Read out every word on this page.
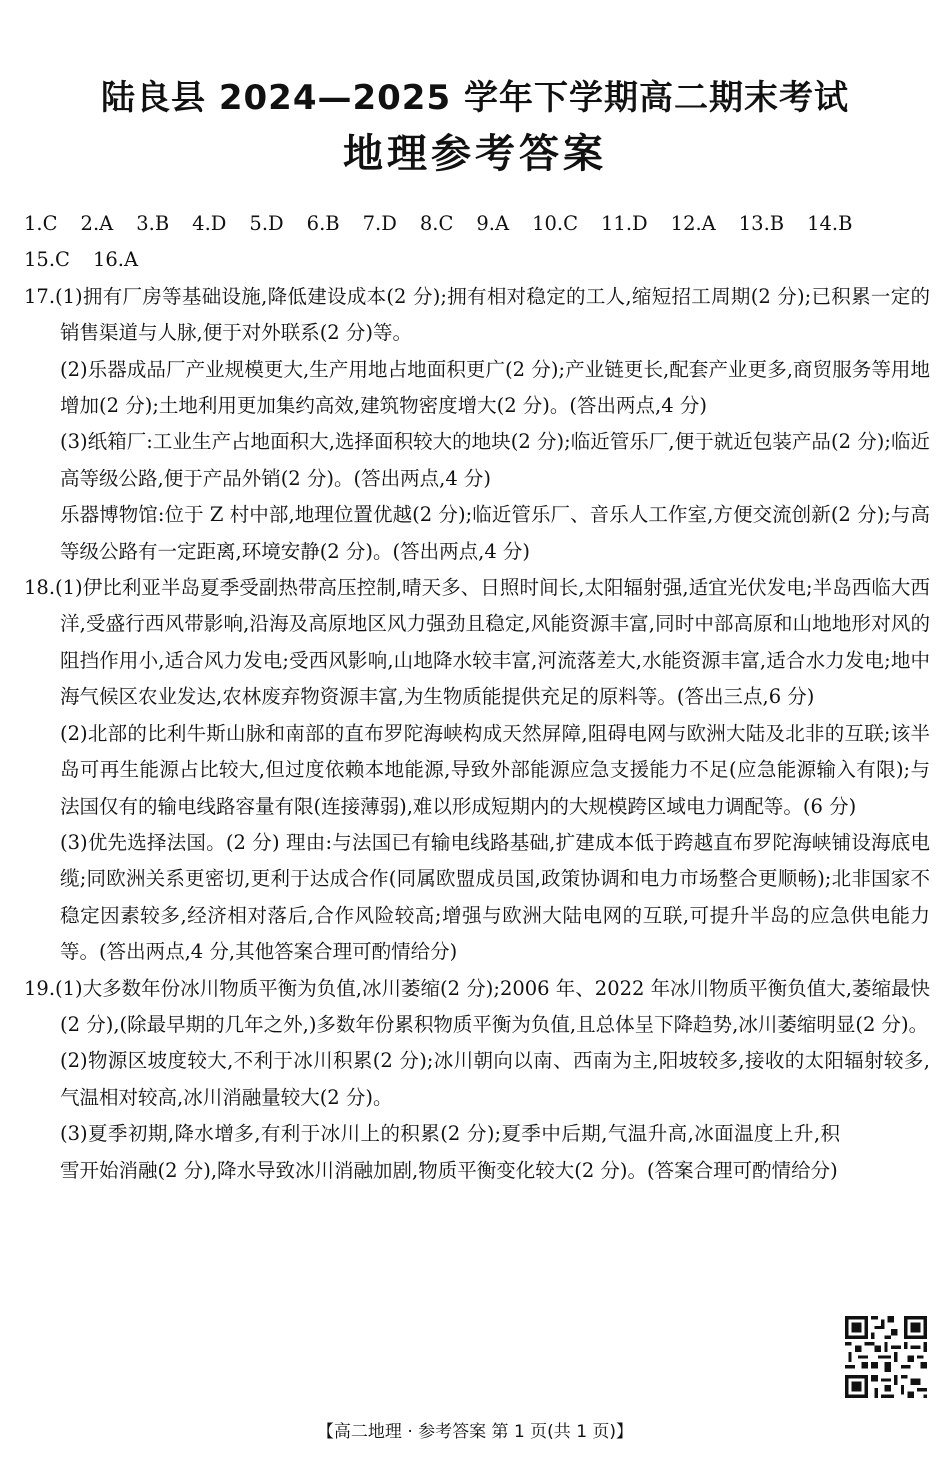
陆良县 2024—2025 学年下学期高二期末考试
地理参考答案
1.C 2.A 3.B 4.D 5.D 6.B 7.D 8.C 9.A 10.C 11.D 12.A 13.B 14.B
15.C 16.A

17.(1)拥有厂房等基础设施,降低建设成本(2 分);拥有相对稳定的工人,缩短招工周期(2 分);已积累一定的销售渠道与人脉,便于对外联系(2 分)等。

(2)乐器成品厂产业规模更大,生产用地占地面积更广(2 分);产业链更长,配套产业更多,商贸服务等用地增加(2 分);土地利用更加集约高效,建筑物密度增大(2 分)。(答出两点,4 分)

(3)纸箱厂:工业生产占地面积大,选择面积较大的地块(2 分);临近管乐厂,便于就近包装产品(2 分);临近高等级公路,便于产品外销(2 分)。(答出两点,4 分)

乐器博物馆:位于 Z 村中部,地理位置优越(2 分);临近管乐厂、音乐人工作室,方便交流创新(2 分);与高等级公路有一定距离,环境安静(2 分)。(答出两点,4 分)

18.(1)伊比利亚半岛夏季受副热带高压控制,晴天多、日照时间长,太阳辐射强,适宜光伏发电;半岛西临大西洋,受盛行西风带影响,沿海及高原地区风力强劲且稳定,风能资源丰富,同时中部高原和山地地形对风的阻挡作用小,适合风力发电;受西风影响,山地降水较丰富,河流落差大,水能资源丰富,适合水力发电;地中海气候区农业发达,农林废弃物资源丰富,为生物质能提供充足的原料等。(答出三点,6 分)

(2)北部的比利牛斯山脉和南部的直布罗陀海峡构成天然屏障,阻碍电网与欧洲大陆及北非的互联;该半岛可再生能源占比较大,但过度依赖本地能源,导致外部能源应急支援能力不足(应急能源输入有限);与法国仅有的输电线路容量有限(连接薄弱),难以形成短期内的大规模跨区域电力调配等。(6 分)

(3)优先选择法国。(2 分) 理由:与法国已有输电线路基础,扩建成本低于跨越直布罗陀海峡铺设海底电缆;同欧洲关系更密切,更利于达成合作(同属欧盟成员国,政策协调和电力市场整合更顺畅);北非国家不稳定因素较多,经济相对落后,合作风险较高;增强与欧洲大陆电网的互联,可提升半岛的应急供电能力等。(答出两点,4 分,其他答案合理可酌情给分)

19.(1)大多数年份冰川物质平衡为负值,冰川萎缩(2 分);2006 年、2022 年冰川物质平衡负值大,萎缩最快(2 分),(除最早期的几年之外,)多数年份累积物质平衡为负值,且总体呈下降趋势,冰川萎缩明显(2 分)。

(2)物源区坡度较大,不利于冰川积累(2 分);冰川朝向以南、西南为主,阳坡较多,接收的太阳辐射较多,气温相对较高,冰川消融量较大(2 分)。

(3)夏季初期,降水增多,有利于冰川上的积累(2 分);夏季中后期,气温升高,冰面温度上升,积雪开始消融(2 分),降水导致冰川消融加剧,物质平衡变化较大(2 分)。(答案合理可酌情给分)

【高二地理 · 参考答案 第 1 页(共 1 页)】
